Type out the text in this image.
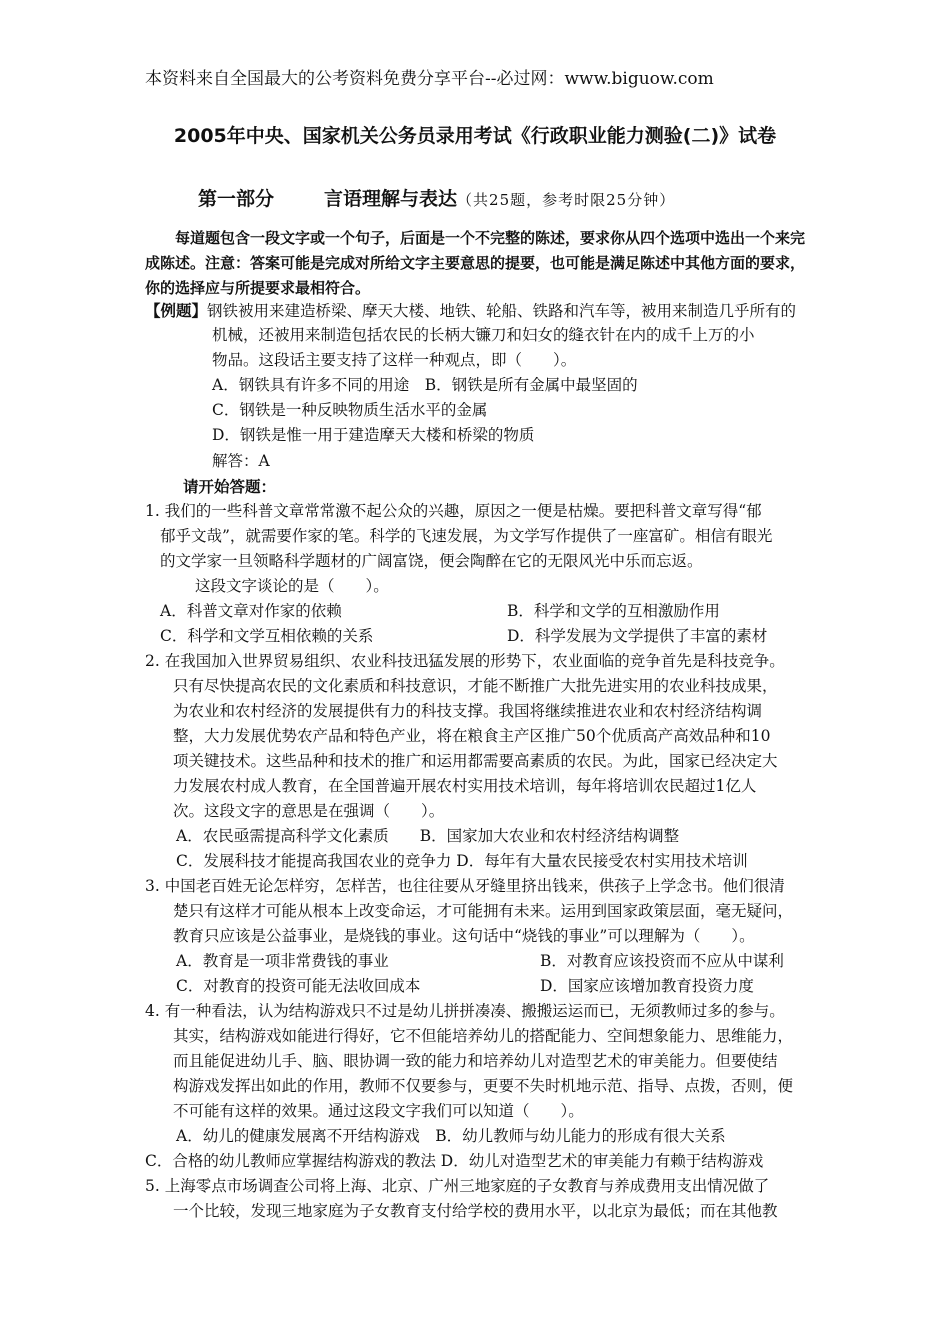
本资料来自全国最大的公考资料免费分享平台--必过网：www.biguow.com
2005年中央、国家机关公务员录用考试《行政职业能力测验(二)》试卷
第一部分	言语理解与表达（共25题，参考时限25分钟）
每道题包含一段文字或一个句子，后面是一个不完整的陈述，要求你从四个选项中选出一个来完成陈述。注意：答案可能是完成对所给文字主要意思的提要，也可能是满足陈述中其他方面的要求，你的选择应与所提要求最相符合。
【例题】钢铁被用来建造桥梁、摩天大楼、地铁、轮船、铁路和汽车等，被用来制造几乎所有的
机械，还被用来制造包括农民的长柄大镰刀和妇女的缝衣针在内的成千上万的小
物品。这段话主要支持了这样一种观点，即（　　）。
A．钢铁具有许多不同的用途　B．钢铁是所有金属中最坚固的
C．钢铁是一种反映物质生活水平的金属
D．钢铁是惟一用于建造摩天大楼和桥梁的物质
解答：A
请开始答题：
1. 我们的一些科普文章常常激不起公众的兴趣，原因之一便是枯燥。要把科普文章写得“郁
郁乎文哉”，就需要作家的笔。科学的飞速发展，为文学写作提供了一座富矿。相信有眼光
的文学家一旦领略科学题材的广阔富饶，便会陶醉在它的无限风光中乐而忘返。
这段文字谈论的是（　　）。
A．科普文章对作家的依赖	B．科学和文学的互相激励作用
C．科学和文学互相依赖的关系	D．科学发展为文学提供了丰富的素材
2. 在我国加入世界贸易组织、农业科技迅猛发展的形势下，农业面临的竞争首先是科技竞争。
只有尽快提高农民的文化素质和科技意识，才能不断推广大批先进实用的农业科技成果，
为农业和农村经济的发展提供有力的科技支撑。我国将继续推进农业和农村经济结构调
整，大力发展优势农产品和特色产业，将在粮食主产区推广50个优质高产高效品种和10
项关键技术。这些品种和技术的推广和运用都需要高素质的农民。为此，国家已经决定大
力发展农村成人教育，在全国普遍开展农村实用技术培训，每年将培训农民超过1亿人
次。这段文字的意思是在强调（　　）。
A．农民亟需提高科学文化素质　　B．国家加大农业和农村经济结构调整
C．发展科技才能提高我国农业的竞争力 D．每年有大量农民接受农村实用技术培训
3. 中国老百姓无论怎样穷，怎样苦，也往往要从牙缝里挤出钱来，供孩子上学念书。他们很清
楚只有这样才可能从根本上改变命运，才可能拥有未来。运用到国家政策层面，毫无疑问，
教育只应该是公益事业，是烧钱的事业。这句话中“烧钱的事业”可以理解为（　　）。
A．教育是一项非常费钱的事业	B．对教育应该投资而不应从中谋利
C．对教育的投资可能无法收回成本	D．国家应该增加教育投资力度
4. 有一种看法，认为结构游戏只不过是幼儿拼拼凑凑、搬搬运运而已，无须教师过多的参与。
其实，结构游戏如能进行得好，它不但能培养幼儿的搭配能力、空间想象能力、思维能力，
而且能促进幼儿手、脑、眼协调一致的能力和培养幼儿对造型艺术的审美能力。但要使结
构游戏发挥出如此的作用，教师不仅要参与，更要不失时机地示范、指导、点拨，否则，便
不可能有这样的效果。通过这段文字我们可以知道（　　）。
A．幼儿的健康发展离不开结构游戏　B．幼儿教师与幼儿能力的形成有很大关系
C．合格的幼儿教师应掌握结构游戏的教法 D．幼儿对造型艺术的审美能力有赖于结构游戏
5. 上海零点市场调查公司将上海、北京、广州三地家庭的子女教育与养成费用支出情况做了
一个比较，发现三地家庭为子女教育支付给学校的费用水平，以北京为最低；而在其他教
